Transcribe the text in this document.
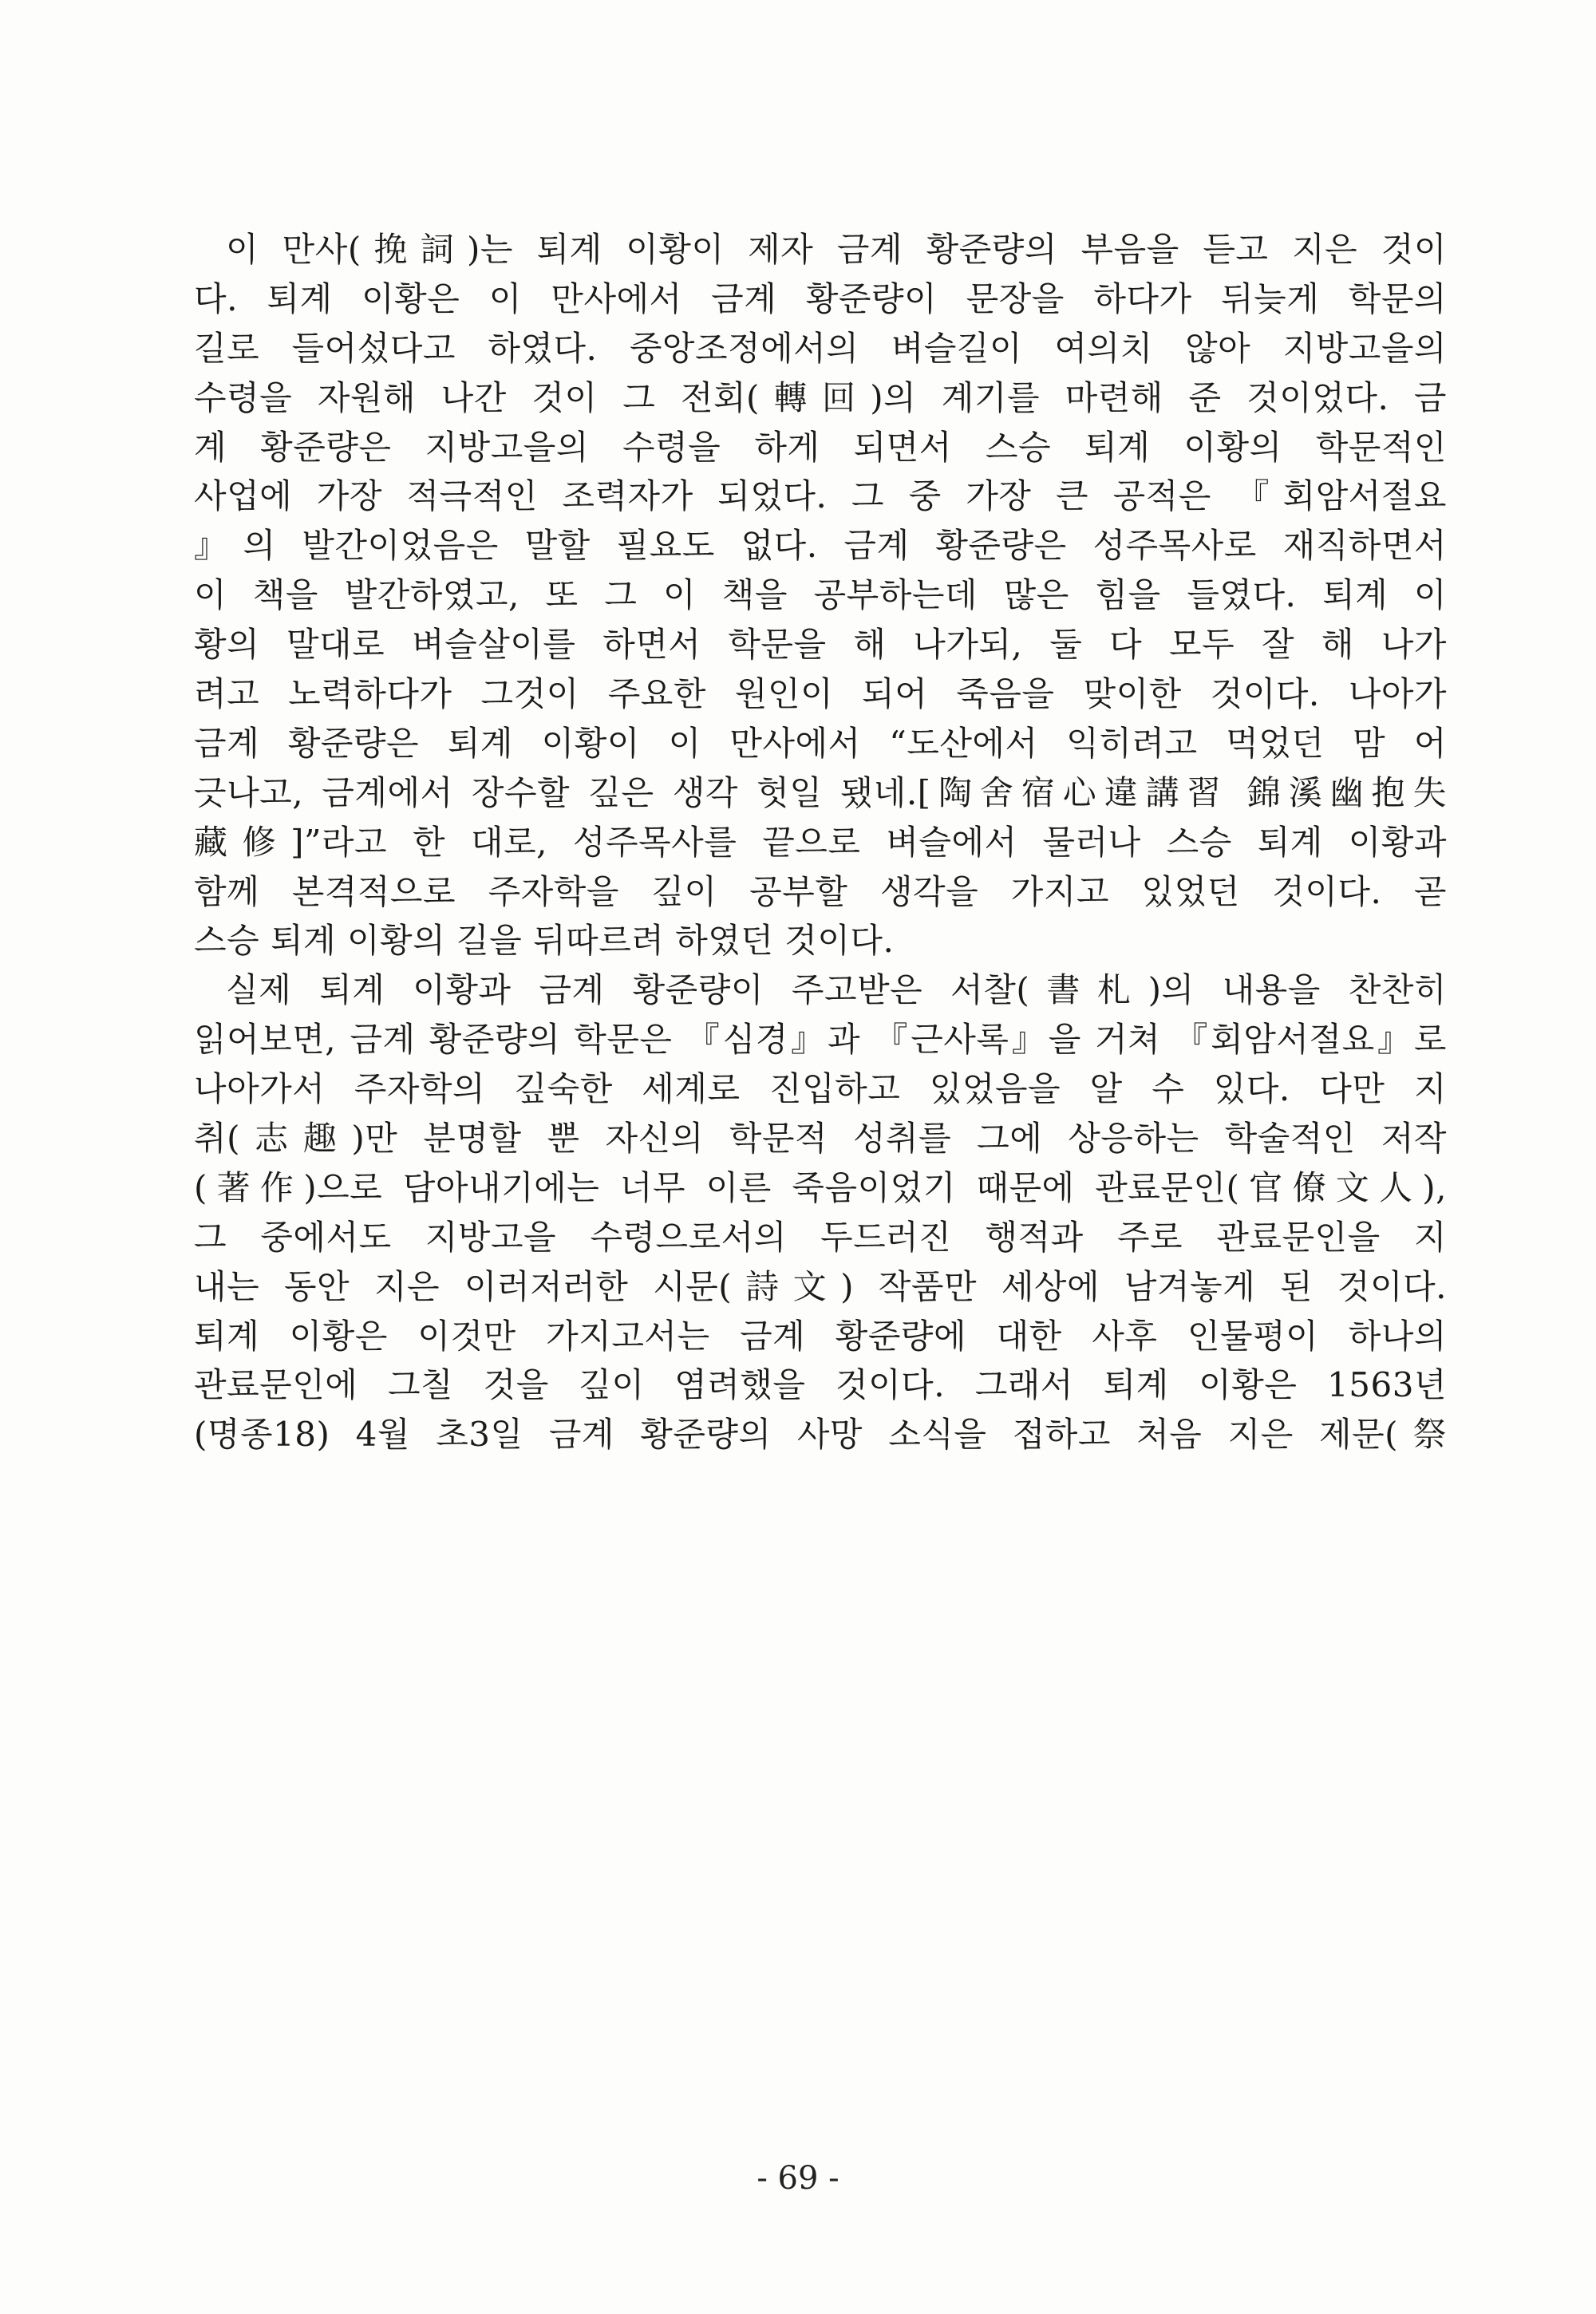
이 만사(挽詞)는 퇴계 이황이 제자 금계 황준량의 부음을 듣고 지은 것이
다. 퇴계 이황은 이 만사에서 금계 황준량이 문장을 하다가 뒤늦게 학문의
길로 들어섰다고 하였다. 중앙조정에서의 벼슬길이 여의치 않아 지방고을의
수령을 자원해 나간 것이 그 전회(轉回)의 계기를 마련해 준 것이었다. 금
계 황준량은 지방고을의 수령을 하게 되면서 스승 퇴계 이황의 학문적인
사업에 가장 적극적인 조력자가 되었다. 그 중 가장 큰 공적은 『회암서절요
』의 발간이었음은 말할 필요도 없다. 금계 황준량은 성주목사로 재직하면서
이 책을 발간하였고, 또 그 이 책을 공부하는데 많은 힘을 들였다. 퇴계 이
황의 말대로 벼슬살이를 하면서 학문을 해 나가되, 둘 다 모두 잘 해 나가
려고 노력하다가 그것이 주요한 원인이 되어 죽음을 맞이한 것이다. 나아가
금계 황준량은 퇴계 이황이 이 만사에서 “도산에서 익히려고 먹었던 맘 어
긋나고, 금계에서 장수할 깊은 생각 헛일 됐네.[陶舍宿心違講習 錦溪幽抱失
藏修]”라고 한 대로, 성주목사를 끝으로 벼슬에서 물러나 스승 퇴계 이황과
함께 본격적으로 주자학을 깊이 공부할 생각을 가지고 있었던 것이다. 곧
스승 퇴계 이황의 길을 뒤따르려 하였던 것이다.
실제 퇴계 이황과 금계 황준량이 주고받은 서찰(書札)의 내용을 찬찬히
읽어보면, 금계 황준량의 학문은 『심경』과 『근사록』을 거쳐 『회암서절요』로
나아가서 주자학의 깊숙한 세계로 진입하고 있었음을 알 수 있다. 다만 지
취(志趣)만 분명할 뿐 자신의 학문적 성취를 그에 상응하는 학술적인 저작
(著作)으로 담아내기에는 너무 이른 죽음이었기 때문에 관료문인(官僚文人),
그 중에서도 지방고을 수령으로서의 두드러진 행적과 주로 관료문인을 지
내는 동안 지은 이러저러한 시문(詩文) 작품만 세상에 남겨놓게 된 것이다.
퇴계 이황은 이것만 가지고서는 금계 황준량에 대한 사후 인물평이 하나의
관료문인에 그칠 것을 깊이 염려했을 것이다. 그래서 퇴계 이황은 1563년
(명종18) 4월 초3일 금계 황준량의 사망 소식을 접하고 처음 지은 제문(祭
- 69 -
